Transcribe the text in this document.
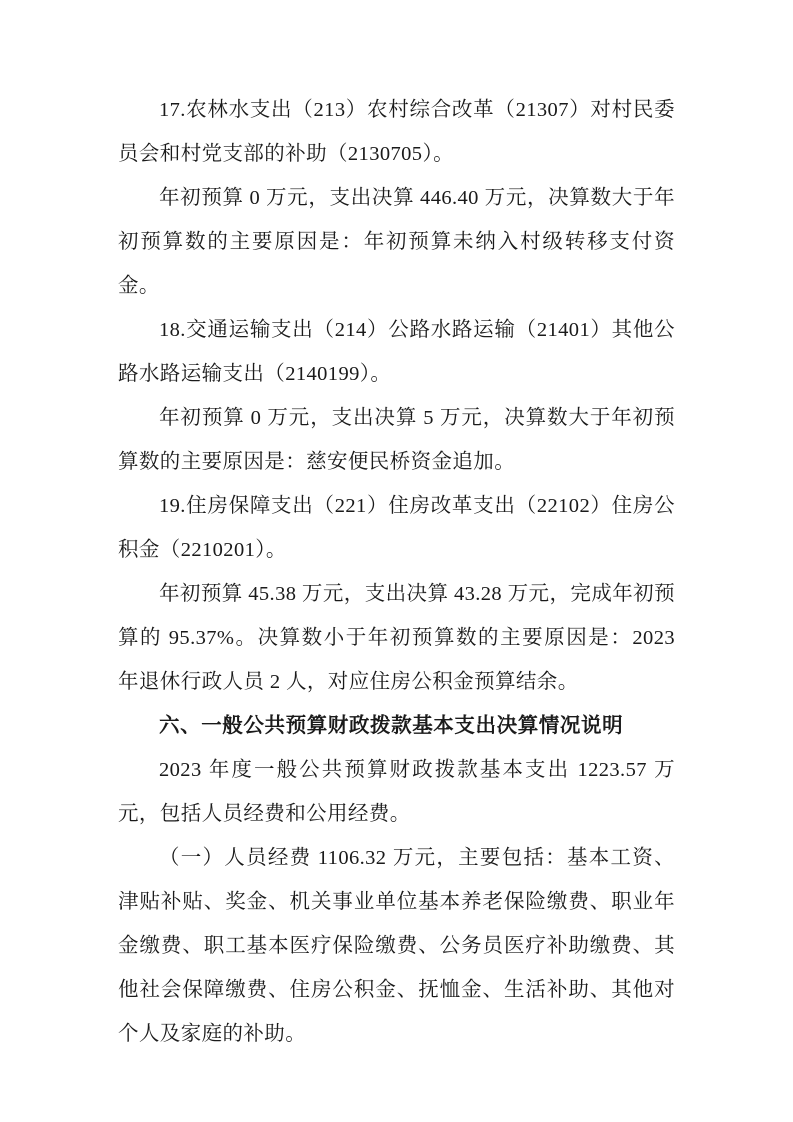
17.农林水支出（213）农村综合改革（21307）对村民委员会和村党支部的补助（2130705）。

年初预算 0 万元，支出决算 446.40 万元，决算数大于年初预算数的主要原因是：年初预算未纳入村级转移支付资金。

18.交通运输支出（214）公路水路运输（21401）其他公路水路运输支出（2140199）。

年初预算 0 万元，支出决算 5 万元，决算数大于年初预算数的主要原因是：慈安便民桥资金追加。

19.住房保障支出（221）住房改革支出（22102）住房公积金（2210201）。

年初预算 45.38 万元，支出决算 43.28 万元，完成年初预算的 95.37%。决算数小于年初预算数的主要原因是：2023 年退休行政人员 2 人，对应住房公积金预算结余。

六、一般公共预算财政拨款基本支出决算情况说明

2023 年度一般公共预算财政拨款基本支出 1223.57 万元，包括人员经费和公用经费。

（一）人员经费 1106.32 万元，主要包括：基本工资、津贴补贴、奖金、机关事业单位基本养老保险缴费、职业年金缴费、职工基本医疗保险缴费、公务员医疗补助缴费、其他社会保障缴费、住房公积金、抚恤金、生活补助、其他对个人及家庭的补助。
